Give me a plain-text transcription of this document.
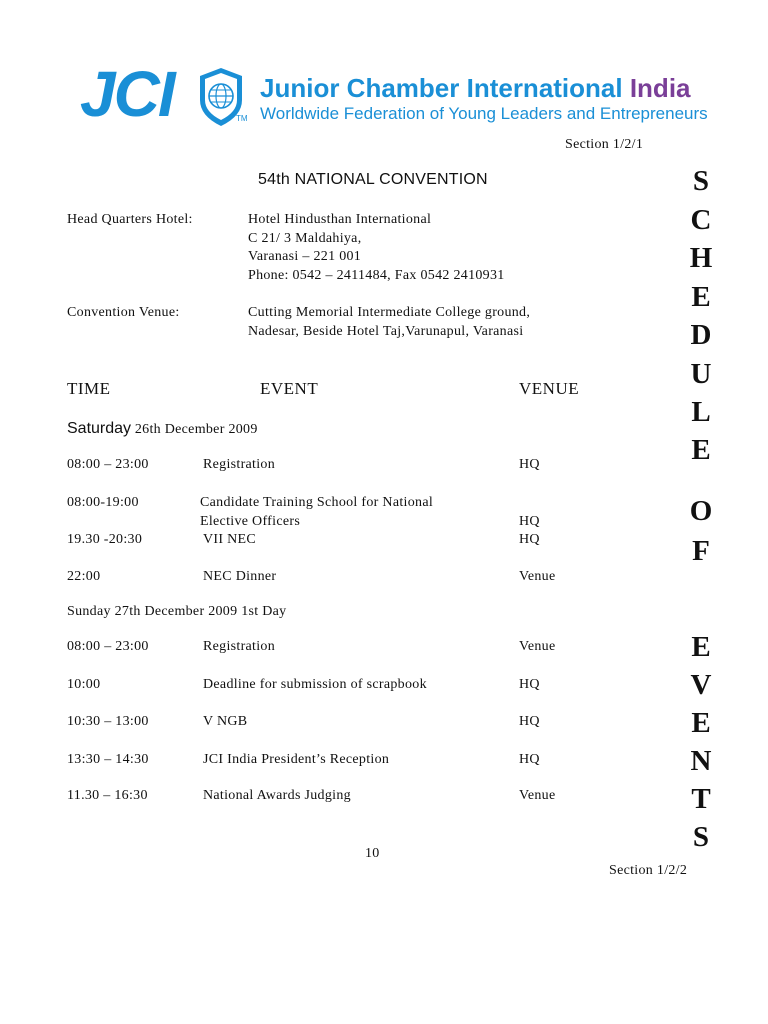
JCI	TM
Junior Chamber International India
Worldwide Federation of Young Leaders and Entrepreneurs
Section 1/2/1
54th NATIONAL CONVENTION
Head Quarters Hotel:	Hotel Hindusthan International
C 21/ 3 Maldahiya,
Varanasi – 221 001
Phone: 0542 – 2411484, Fax 0542 2410931
Convention Venue:	Cutting Memorial Intermediate College ground,
Nadesar, Beside Hotel Taj,Varunapul, Varanasi
TIME	EVENT	VENUE
Saturday 26th December 2009
08:00 – 23:00	Registration	HQ
08:00-19:00	Candidate Training School for National
Elective Officers	HQ
19.30 -20:30	VII NEC	HQ
22:00	NEC Dinner	Venue
Sunday 27th December 2009 1st Day
08:00 – 23:00	Registration	Venue
10:00	Deadline for submission of scrapbook	HQ
10:30 – 13:00	V NGB	HQ
13:30 – 14:30	JCI India President’s Reception	HQ
11.30 – 16:30	National Awards Judging	Venue
S
C
H
E
D
U
L
E
O
F
E
V
E
N
T
S
10
Section 1/2/2
